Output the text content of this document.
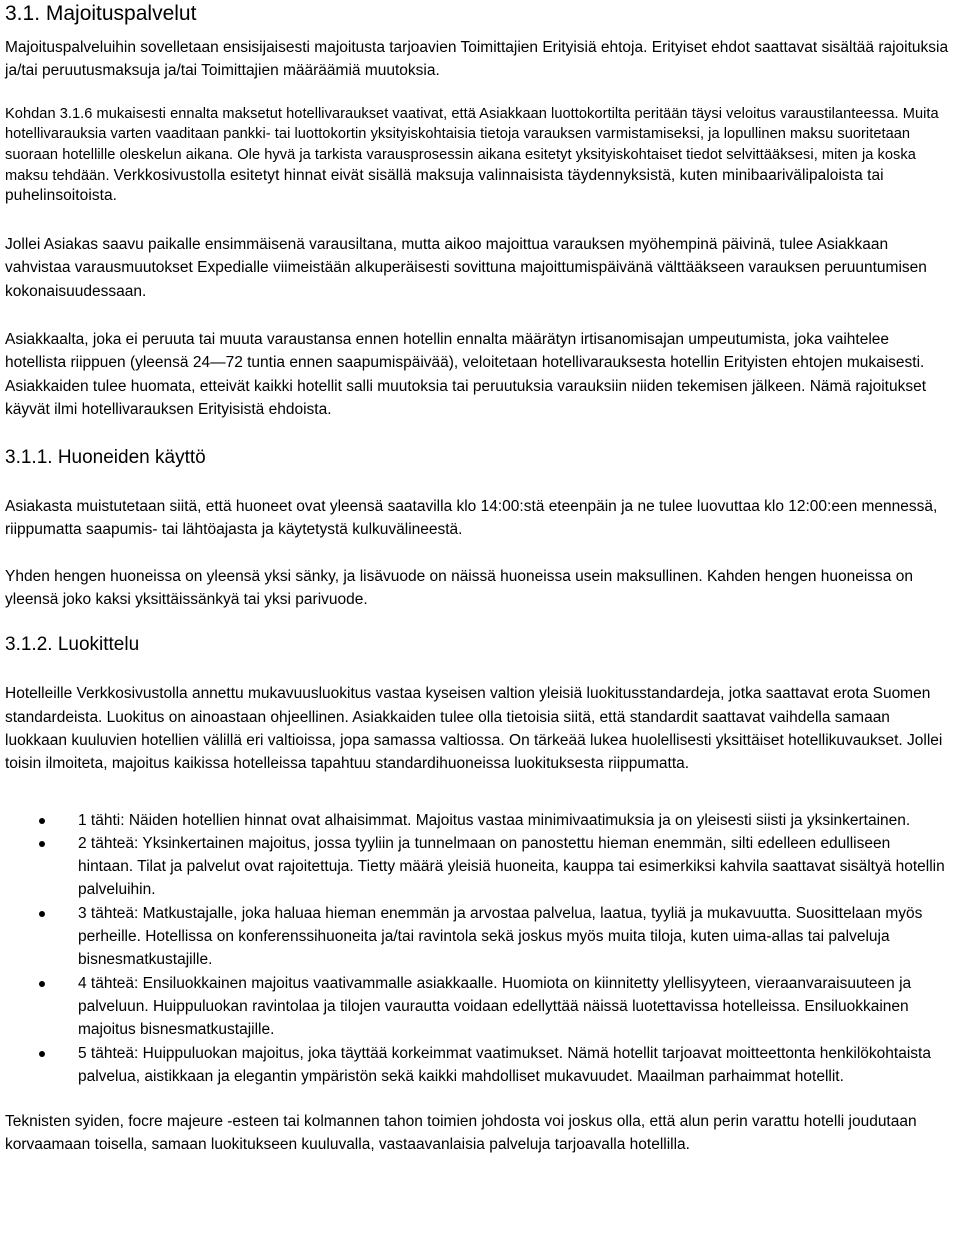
3.1. Majoituspalvelut

Majoituspalveluihin sovelletaan ensisijaisesti majoitusta tarjoavien Toimittajien Erityisiä ehtoja. Erityiset ehdot saattavat sisältää rajoituksia ja/tai peruutusmaksuja ja/tai Toimittajien määräämiä muutoksia.

Kohdan 3.1.6 mukaisesti ennalta maksetut hotellivaraukset vaativat, että Asiakkaan luottokortilta peritään täysi veloitus varaustilanteessa. Muita hotellivarauksia varten vaaditaan pankki- tai luottokortin yksityiskohtaisia tietoja varauksen varmistamiseksi, ja lopullinen maksu suoritetaan suoraan hotellille oleskelun aikana. Ole hyvä ja tarkista varausprosessin aikana esitetyt yksityiskohtaiset tiedot selvittääksesi, miten ja koska maksu tehdään. Verkkosivustolla esitetyt hinnat eivät sisällä maksuja valinnaisista täydennyksistä, kuten minibaarivälipaloista tai puhelinsoitoista.

Jollei Asiakas saavu paikalle ensimmäisenä varausiltana, mutta aikoo majoittua varauksen myöhempinä päivinä, tulee Asiakkaan vahvistaa varausmuutokset Expedialle viimeistään alkuperäisesti sovittuna majoittumispäivänä välttääkseen varauksen peruuntumisen kokonaisuudessaan.

Asiakkaalta, joka ei peruuta tai muuta varaustansa ennen hotellin ennalta määrätyn irtisanomisajan umpeutumista, joka vaihtelee hotellista riippuen (yleensä 24—72 tuntia ennen saapumispäivää), veloitetaan hotellivarauksesta hotellin Erityisten ehtojen mukaisesti. Asiakkaiden tulee huomata, etteivät kaikki hotellit salli muutoksia tai peruutuksia varauksiin niiden tekemisen jälkeen. Nämä rajoitukset käyvät ilmi hotellivarauksen Erityisistä ehdoista.

3.1.1. Huoneiden käyttö

Asiakasta muistutetaan siitä, että huoneet ovat yleensä saatavilla klo 14:00:stä eteenpäin ja ne tulee luovuttaa klo 12:00:een mennessä, riippumatta saapumis- tai lähtöajasta ja käytetystä kulkuvälineestä.

Yhden hengen huoneissa on yleensä yksi sänky, ja lisävuode on näissä huoneissa usein maksullinen. Kahden hengen huoneissa on yleensä joko kaksi yksittäissänkyä tai yksi parivuode.

3.1.2. Luokittelu

Hotelleille Verkkosivustolla annettu mukavuusluokitus vastaa kyseisen valtion yleisiä luokitusstandardeja, jotka saattavat erota Suomen standardeista. Luokitus on ainoastaan ohjeellinen. Asiakkaiden tulee olla tietoisia siitä, että standardit saattavat vaihdella samaan luokkaan kuuluvien hotellien välillä eri valtioissa, jopa samassa valtiossa. On tärkeää lukea huolellisesti yksittäiset hotellikuvaukset. Jollei toisin ilmoiteta, majoitus kaikissa hotelleissa tapahtuu standardihuoneissa luokituksesta riippumatta.

1 tähti: Näiden hotellien hinnat ovat alhaisimmat. Majoitus vastaa minimivaatimuksia ja on yleisesti siisti ja yksinkertainen.
2 tähteä: Yksinkertainen majoitus, jossa tyyliin ja tunnelmaan on panostettu hieman enemmän, silti edelleen edulliseen hintaan. Tilat ja palvelut ovat rajoitettuja. Tietty määrä yleisiä huoneita, kauppa tai esimerkiksi kahvila saattavat sisältyä hotellin palveluihin.
3 tähteä: Matkustajalle, joka haluaa hieman enemmän ja arvostaa palvelua, laatua, tyyliä ja mukavuutta. Suosittelaan myös perheille. Hotellissa on konferenssihuoneita ja/tai ravintola sekä joskus myös muita tiloja, kuten uima-allas tai palveluja bisnesmatkustajille.
4 tähteä: Ensiluokkainen majoitus vaativammalle asiakkaalle. Huomiota on kiinnitetty ylellisyyteen, vieraanvaraisuuteen ja palveluun. Huippuluokan ravintolaa ja tilojen vaurautta voidaan edellyttää näissä luotettavissa hotelleissa. Ensiluokkainen majoitus bisnesmatkustajille.
5 tähteä: Huippuluokan majoitus, joka täyttää korkeimmat vaatimukset. Nämä hotellit tarjoavat moitteettonta henkilökohtaista palvelua, aistikkaan ja elegantin ympäristön sekä kaikki mahdolliset mukavuudet. Maailman parhaimmat hotellit.

Teknisten syiden, focre majeure -esteen tai kolmannen tahon toimien johdosta voi joskus olla, että alun perin varattu hotelli joudutaan korvaamaan toisella, samaan luokitukseen kuuluvalla, vastaavanlaisia palveluja tarjoavalla hotellilla.
